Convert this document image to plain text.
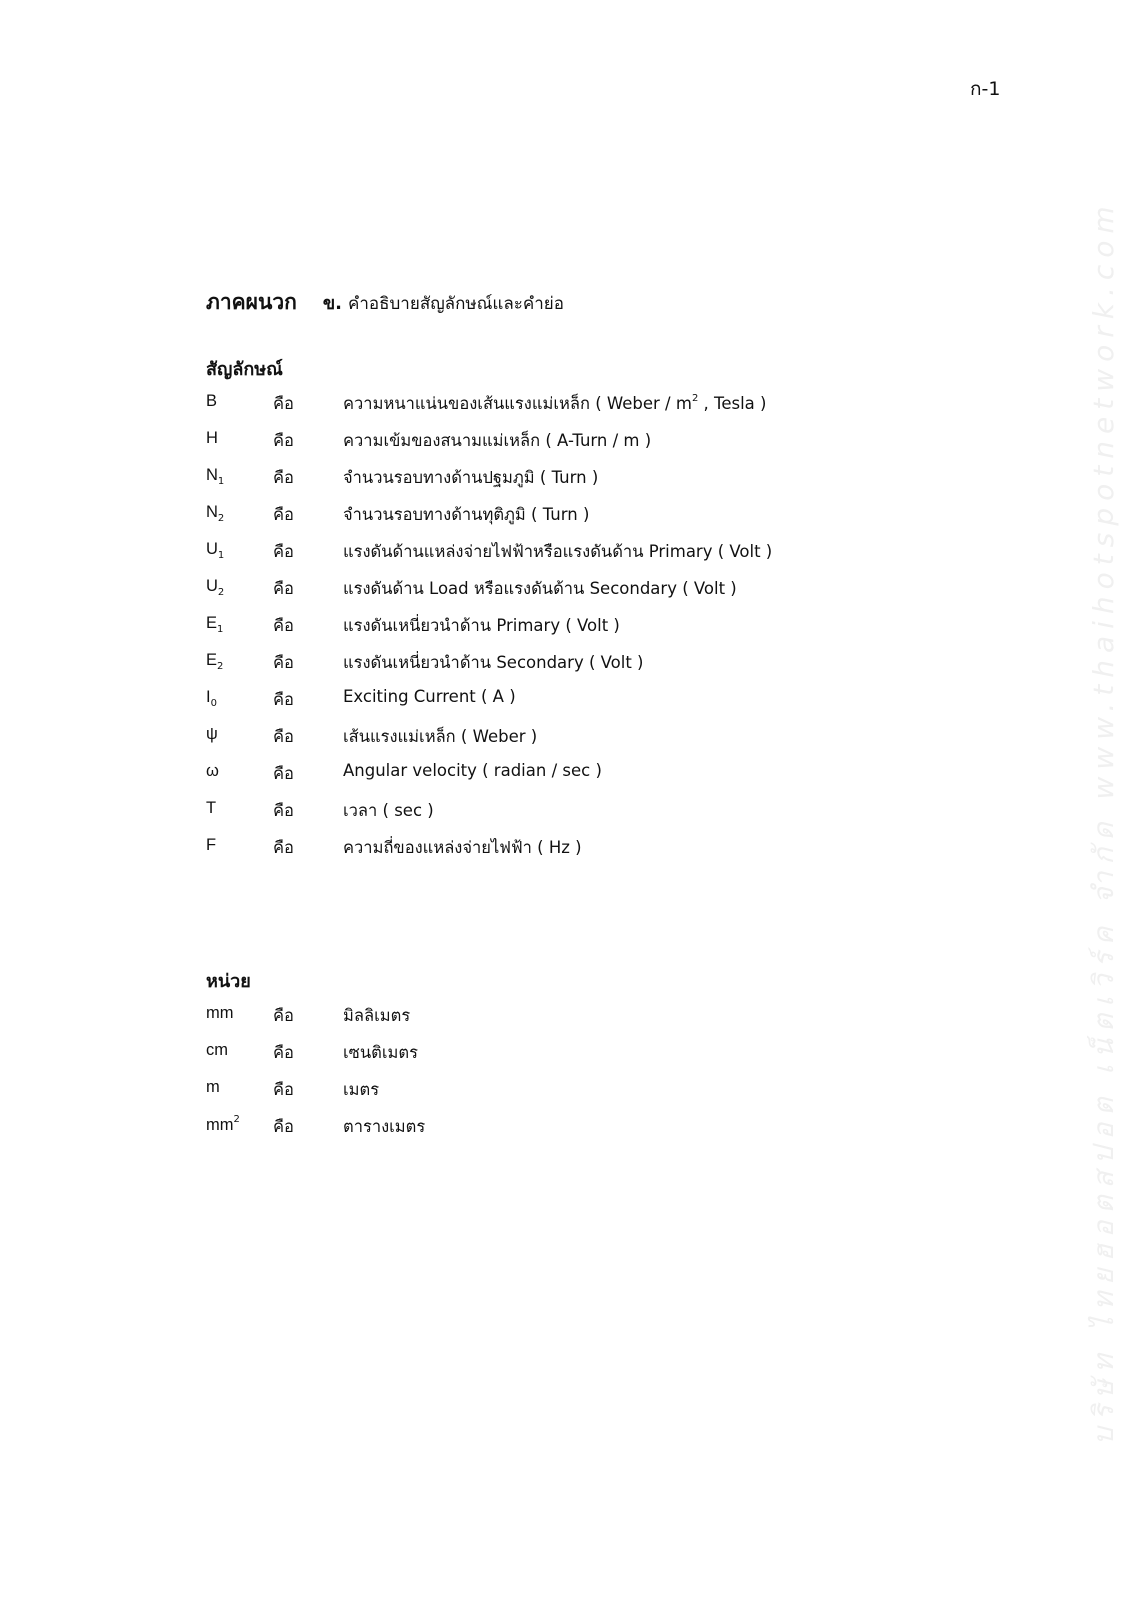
ก-1
ภาคผนวก ข. คำอธิบายสัญลักษณ์และคำย่อ
สัญลักษณ์
B	คือ	ความหนาแน่นของเส้นแรงแม่เหล็ก ( Weber / $m^2$ , Tesla )
H	คือ	ความเข้มของสนามแม่เหล็ก ( A-Turn / m )
$N_1$	คือ	จำนวนรอบทางด้านปฐมภูมิ ( Turn )
$N_2$	คือ	จำนวนรอบทางด้านทุติภูมิ ( Turn )
$U_1$	คือ	แรงดันด้านแหล่งจ่ายไฟฟ้าหรือแรงดันด้าน Primary ( Volt )
$U_2$	คือ	แรงดันด้าน Load หรือแรงดันด้าน Secondary ( Volt )
$E_1$	คือ	แรงดันเหนี่ยวนำด้าน Primary ( Volt )
$E_2$	คือ	แรงดันเหนี่ยวนำด้าน Secondary ( Volt )
$I_0$	คือ	Exciting Current ( A )
ψ	คือ	เส้นแรงแม่เหล็ก ( Weber )
ω	คือ	Angular velocity ( radian / sec )
T	คือ	เวลา ( sec )
F	คือ	ความถี่ของแหล่งจ่ายไฟฟ้า ( Hz )
หน่วย
mm คือ	มิลลิเมตร
cm	คือ	เซนติเมตร
m	คือ	เมตร
$mm^2$ คือ	ตารางเมตร	บริษัท ไทยฮอตสปอต เน็ตเวิร์ค จำกัด www.thaihotspotnetwork.com
